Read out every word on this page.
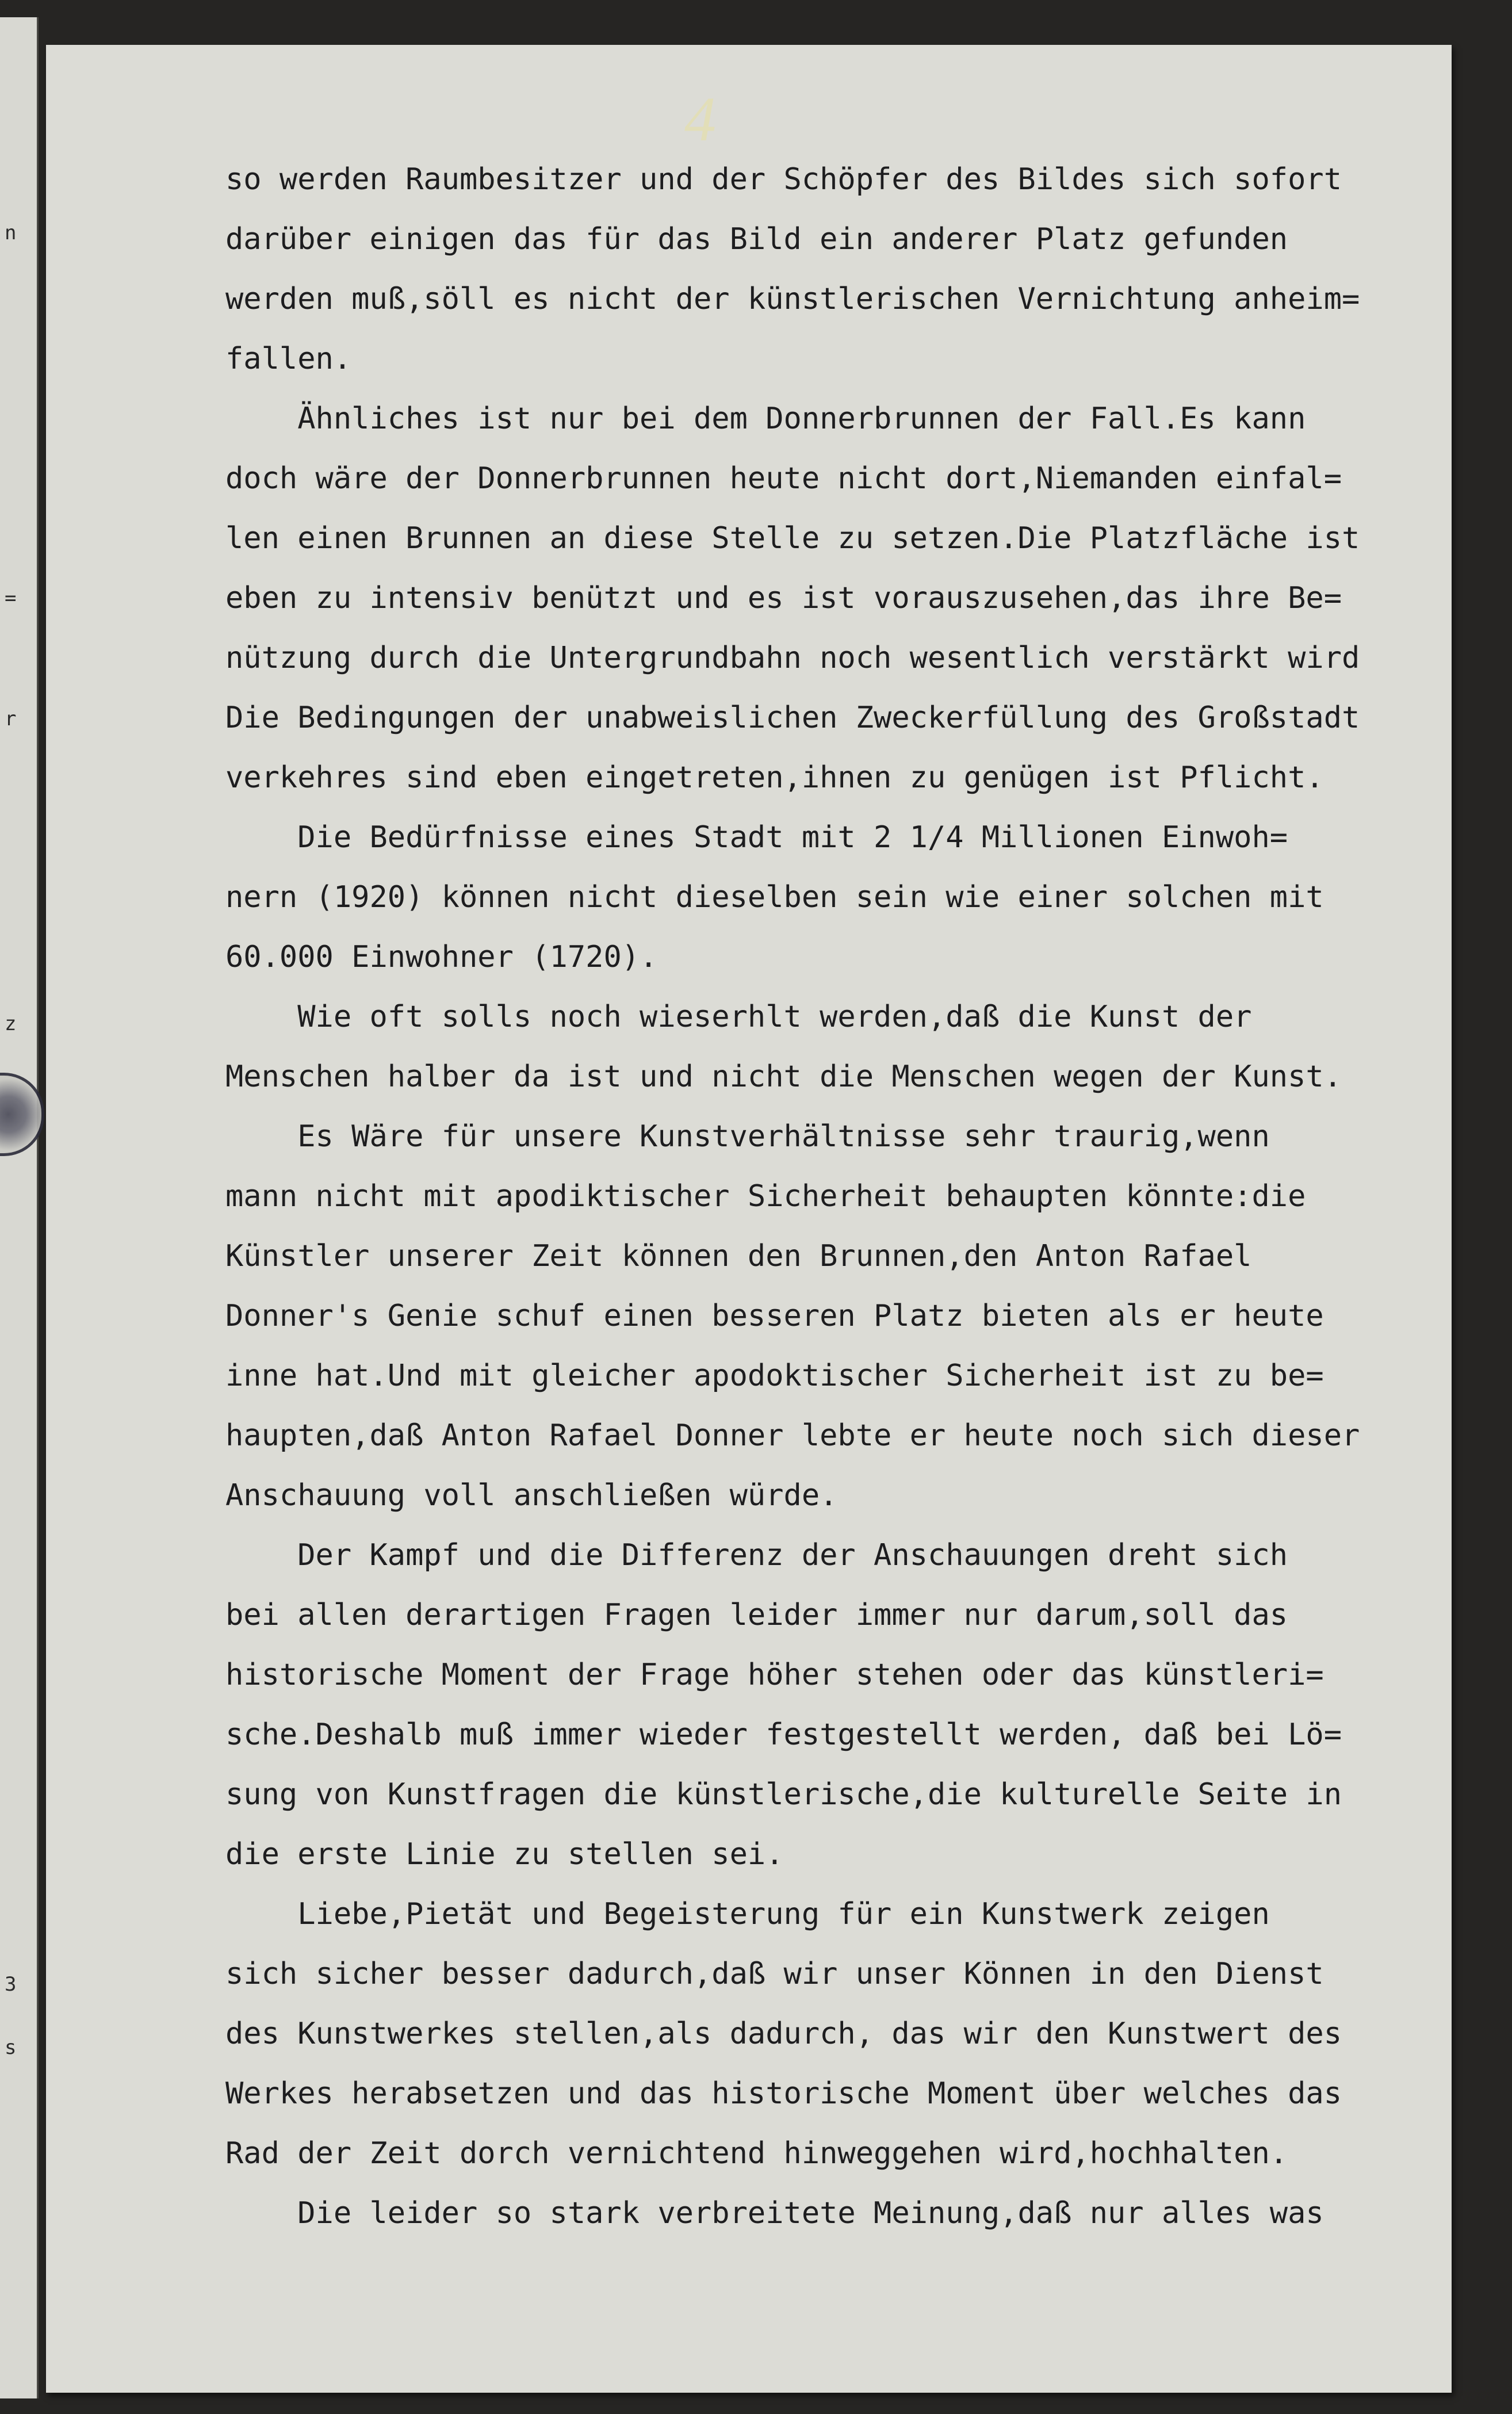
n
=
r
z
3
s
4
so werden Raumbesitzer und der Schöpfer des Bildes sich sofort
darüber einigen das für das Bild ein anderer Platz gefunden
werden muß,söll es nicht der künstlerischen Vernichtung anheim=
fallen.
Ähnliches ist nur bei dem Donnerbrunnen der Fall.Es kann
doch wäre der Donnerbrunnen heute nicht dort,Niemanden einfal=
len einen Brunnen an diese Stelle zu setzen.Die Platzfläche ist
eben zu intensiv benützt und es ist vorauszusehen,das ihre Be=
nützung durch die Untergrundbahn noch wesentlich verstärkt wird
Die Bedingungen der unabweislichen Zweckerfüllung des Großstadt
verkehres sind eben eingetreten,ihnen zu genügen ist Pflicht.
Die Bedürfnisse eines Stadt mit 2 1/4 Millionen Einwoh=
nern (1920) können nicht dieselben sein wie einer solchen mit
60.000 Einwohner (1720).
Wie oft solls noch wieserhlt werden,daß die Kunst der
Menschen halber da ist und nicht die Menschen wegen der Kunst.
Es Wäre für unsere Kunstverhältnisse sehr traurig,wenn
mann nicht mit apodiktischer Sicherheit behaupten könnte:die
Künstler unserer Zeit können den Brunnen,den Anton Rafael
Donner's Genie schuf einen besseren Platz bieten als er heute
inne hat.Und mit gleicher apodoktischer Sicherheit ist zu be=
haupten,daß Anton Rafael Donner lebte er heute noch sich dieser
Anschauung voll anschließen würde.
Der Kampf und die Differenz der Anschauungen dreht sich
bei allen derartigen Fragen leider immer nur darum,soll das
historische Moment der Frage höher stehen oder das künstleri=
sche.Deshalb muß immer wieder festgestellt werden, daß bei Lö=
sung von Kunstfragen die künstlerische,die kulturelle Seite in
die erste Linie zu stellen sei.
Liebe,Pietät und Begeisterung für ein Kunstwerk zeigen
sich sicher besser dadurch,daß wir unser Können in den Dienst
des Kunstwerkes stellen,als dadurch, das wir den Kunstwert des
Werkes herabsetzen und das historische Moment über welches das
Rad der Zeit dorch vernichtend hinweggehen wird,hochhalten.
Die leider so stark verbreitete Meinung,daß nur alles was
